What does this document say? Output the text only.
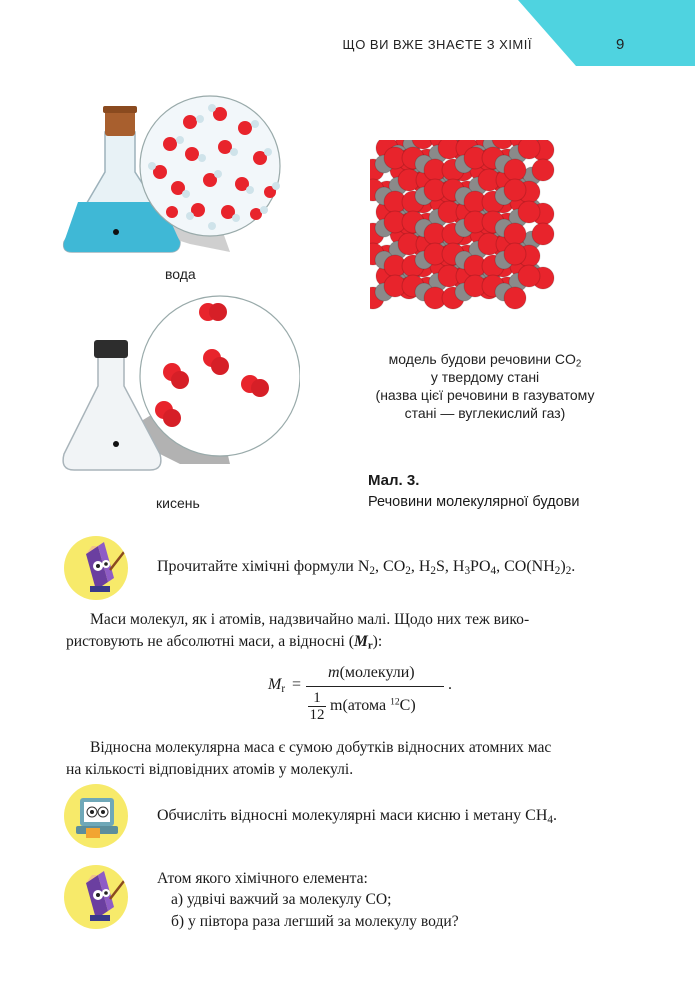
ЩО ВИ ВЖЕ ЗНАЄТЕ З ХІМІЇ	9
вода
кисень
модель будови речовини $CO_2$
у твердому стані
(назва цієї речовини в газуватому
стані — вуглекислий газ)
Мал. 3.
Речовини молекулярної будови
Прочитайте хімічні формули $N_2$, $CO_2$, $H_2S$, $H_3PO_4$, $CO(NH_2)_2$.
Маси молекул, як і атомів, надзвичайно малі. Щодо них теж вико-
ристовують не абсолютні маси, а відносні $(M_r)$:
$M_r$ =
m(молекули)
1
12
m(атома $^{12}$C)
.
Відносна молекулярна маса є сумою добутків відносних атомних мас
на кількості відповідних атомів у молекулі.
Обчисліть відносні молекулярні маси кисню і метану $CH_4$.
Атом якого хімічного елемента:
а) удвічі важчий за молекулу CO;
б) у півтора раза легший за молекулу води?
